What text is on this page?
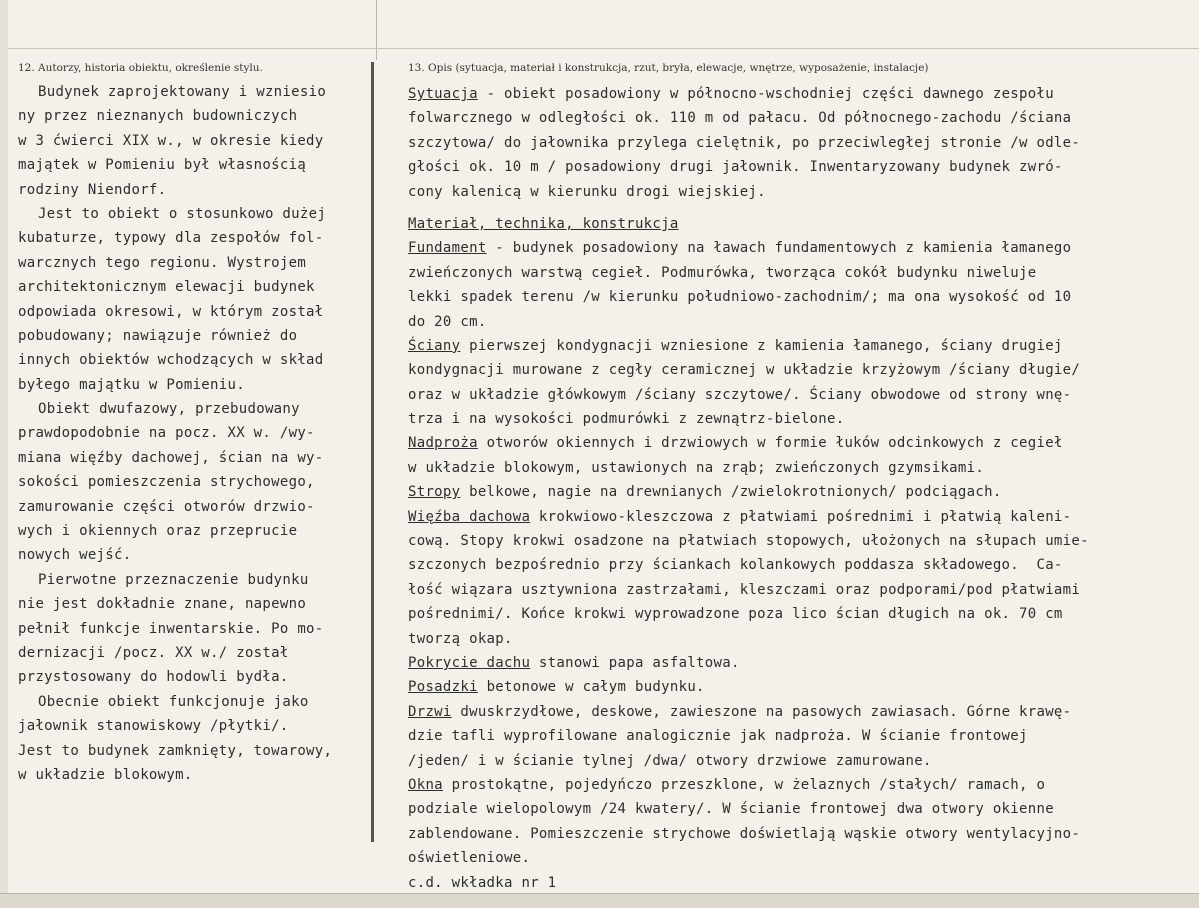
12. Autorzy, historia obiektu, określenie stylu.	13. Opis (sytuacja, materiał i konstrukcja, rzut, bryła, elewacje, wnętrze, wyposażenie, instalacje)
Budynek zaprojektowany i wzniesio
ny przez nieznanych budowniczych
w 3 ćwierci XIX w., w okresie kiedy
majątek w Pomieniu był własnością
rodziny Niendorf.
Jest to obiekt o stosunkowo dużej
kubaturze, typowy dla zespołów fol-
warcznych tego regionu. Wystrojem
architektonicznym elewacji budynek
odpowiada okresowi, w którym został
pobudowany; nawiązuje również do
innych obiektów wchodzących w skład
byłego majątku w Pomieniu.
Obiekt dwufazowy, przebudowany
prawdopodobnie na pocz. XX w. /wy-
miana więźby dachowej, ścian na wy-
sokości pomieszczenia strychowego,
zamurowanie części otworów drzwio-
wych i okiennych oraz przeprucie
nowych wejść.
Pierwotne przeznaczenie budynku
nie jest dokładnie znane, napewno
pełnił funkcje inwentarskie. Po mo-
dernizacji /pocz. XX w./ został
przystosowany do hodowli bydła.
Obecnie obiekt funkcjonuje jako
jałownik stanowiskowy /płytki/.
Jest to budynek zamknięty, towarowy,
w układzie blokowym.
Sytuacja - obiekt posadowiony w północno-wschodniej części dawnego zespołu
folwarcznego w odległości ok. 110 m od pałacu. Od północnego-zachodu /ściana
szczytowa/ do jałownika przylega cielętnik, po przeciwległej stronie /w odle-
głości ok. 10 m / posadowiony drugi jałownik. Inwentaryzowany budynek zwró-
cony kalenicą w kierunku drogi wiejskiej.
Materiał, technika, konstrukcja
Fundament - budynek posadowiony na ławach fundamentowych z kamienia łamanego
zwieńczonych warstwą cegieł. Podmurówka, tworząca cokół budynku niweluje
lekki spadek terenu /w kierunku południowo-zachodnim/; ma ona wysokość od 10
do 20 cm.
Ściany pierwszej kondygnacji wzniesione z kamienia łamanego, ściany drugiej
kondygnacji murowane z cegły ceramicznej w układzie krzyżowym /ściany długie/
oraz w układzie główkowym /ściany szczytowe/. Ściany obwodowe od strony wnę-
trza i na wysokości podmurówki z zewnątrz-bielone.
Nadproża otworów okiennych i drzwiowych w formie łuków odcinkowych z cegieł
w układzie blokowym, ustawionych na zrąb; zwieńczonych gzymsikami.
Stropy belkowe, nagie na drewnianych /zwielokrotnionych/ podciągach.
Więźba dachowa krokwiowo-kleszczowa z płatwiami pośrednimi i płatwią kaleni-
cową. Stopy krokwi osadzone na płatwiach stopowych, ułożonych na słupach umie-
szczonych bezpośrednio przy ściankach kolankowych poddasza składowego.  Ca-
łość wiązara usztywniona zastrzałami, kleszczami oraz podporami/pod płatwiami
pośrednimi/. Końce krokwi wyprowadzone poza lico ścian długich na ok. 70 cm
tworzą okap.
Pokrycie dachu stanowi papa asfaltowa.
Posadzki betonowe w całym budynku.
Drzwi dwuskrzydłowe, deskowe, zawieszone na pasowych zawiasach. Górne krawę-
dzie tafli wyprofilowane analogicznie jak nadproża. W ścianie frontowej
/jeden/ i w ścianie tylnej /dwa/ otwory drzwiowe zamurowane.
Okna prostokątne, pojedyńczo przeszklone, w żelaznych /stałych/ ramach, o
podziale wielopolowym /24 kwatery/. W ścianie frontowej dwa otwory okienne
zablendowane. Pomieszczenie strychowe doświetlają wąskie otwory wentylacyjno-
oświetleniowe.
c.d. wkładka nr 1
